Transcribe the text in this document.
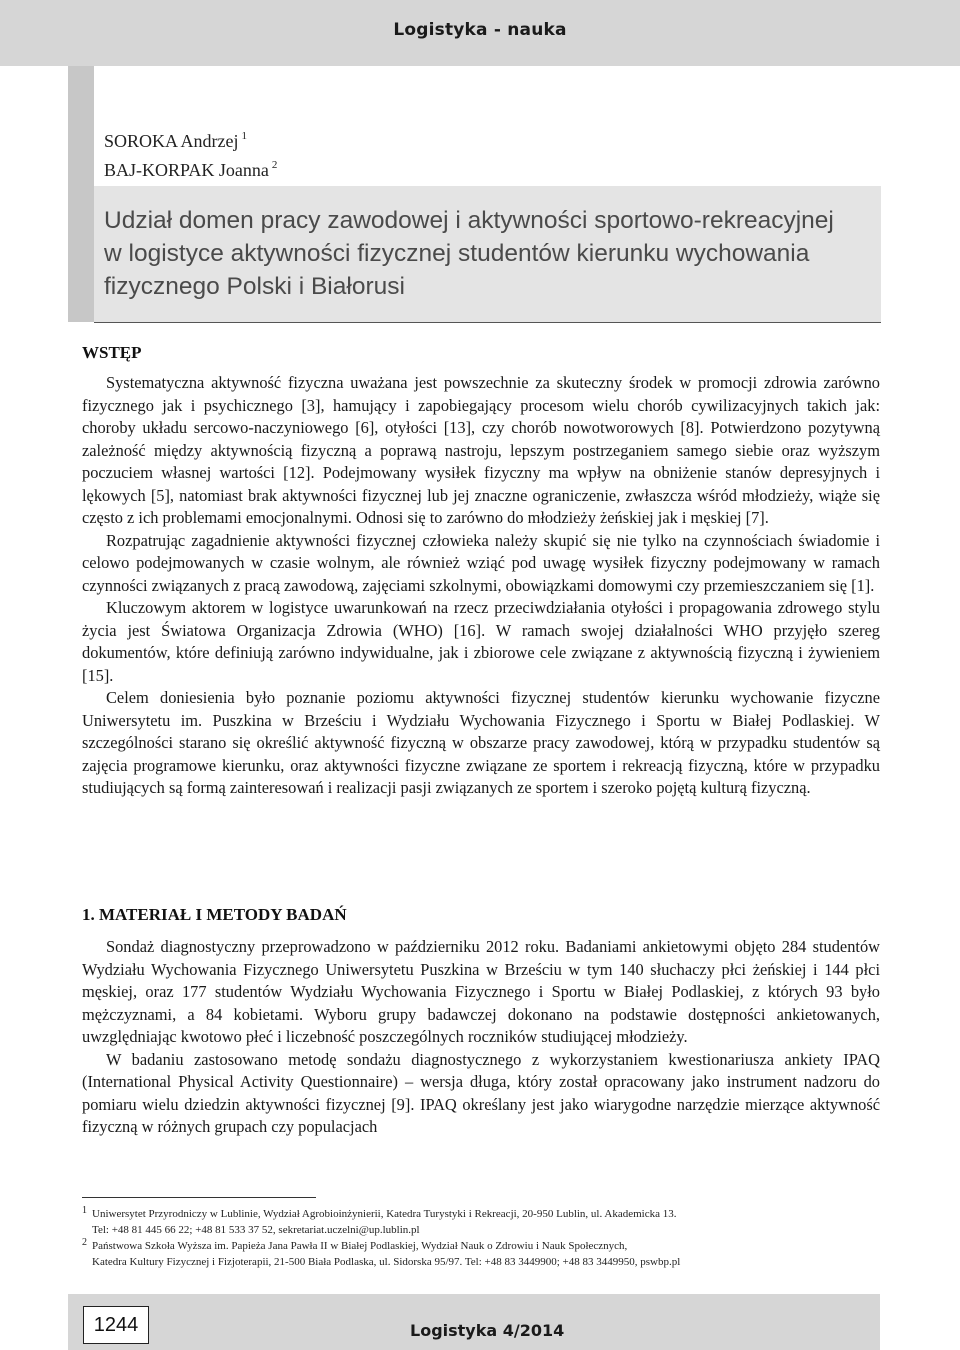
Logistyka - nauka
SOROKA Andrzej $^1$
BAJ-KORPAK Joanna $^2$
Udział domen pracy zawodowej i aktywności sportowo-rekreacyjnej
w logistyce aktywności fizycznej studentów kierunku wychowania
fizycznego Polski i Białorusi
WSTĘP

Systematyczna aktywność fizyczna uważana jest powszechnie za skuteczny środek w promocji zdrowia zarówno fizycznego jak i psychicznego [3], hamujący i zapobiegający procesom wielu chorób cywilizacyjnych takich jak: choroby układu sercowo-naczyniowego [6], otyłości [13], czy chorób nowotworowych [8]. Potwierdzono pozytywną zależność między aktywnością fizyczną a poprawą nastroju, lepszym postrzeganiem samego siebie oraz wyższym poczuciem własnej wartości [12]. Podejmowany wysiłek fizyczny ma wpływ na obniżenie stanów depresyjnych i lękowych [5], natomiast brak aktywności fizycznej lub jej znaczne ograniczenie, zwłaszcza wśród młodzieży, wiąże się często z ich problemami emocjonalnymi. Odnosi się to zarówno do młodzieży żeńskiej jak i męskiej [7].

Rozpatrując zagadnienie aktywności fizycznej człowieka należy skupić się nie tylko na czynnościach świadomie i celowo podejmowanych w czasie wolnym, ale również wziąć pod uwagę wysiłek fizyczny podejmowany w ramach czynności związanych z pracą zawodową, zajęciami szkolnymi, obowiązkami domowymi czy przemieszczaniem się [1].

Kluczowym aktorem w logistyce uwarunkowań na rzecz przeciwdziałania otyłości i propagowania zdrowego stylu życia jest Światowa Organizacja Zdrowia (WHO) [16]. W ramach swojej działalności WHO przyjęło szereg dokumentów, które definiują zarówno indywidualne, jak i zbiorowe cele związane z aktywnością fizyczną i żywieniem [15].

Celem doniesienia było poznanie poziomu aktywności fizycznej studentów kierunku wychowanie fizyczne Uniwersytetu im. Puszkina w Brześciu i Wydziału Wychowania Fizycznego i Sportu w Białej Podlaskiej. W szczególności starano się określić aktywność fizyczną w obszarze pracy zawodowej, którą w przypadku studentów są zajęcia programowe kierunku, oraz aktywności fizyczne związane ze sportem i rekreacją fizyczną, które w przypadku studiujących są formą zainteresowań i realizacji pasji związanych ze sportem i szeroko pojętą kulturą fizyczną.

1. MATERIAŁ I METODY BADAŃ

Sondaż diagnostyczny przeprowadzono w październiku 2012 roku. Badaniami ankietowymi objęto 284 studentów Wydziału Wychowania Fizycznego Uniwersytetu Puszkina w Brześciu w tym 140 słuchaczy płci żeńskiej i 144 płci męskiej, oraz 177 studentów Wydziału Wychowania Fizycznego i Sportu w Białej Podlaskiej, z których 93 było mężczyznami, a 84 kobietami. Wyboru grupy badawczej dokonano na podstawie dostępności ankietowanych, uwzględniając kwotowo płeć i liczebność poszczególnych roczników studiującej młodzieży.

W badaniu zastosowano metodę sondażu diagnostycznego z wykorzystaniem kwestionariusza ankiety IPAQ (International Physical Activity Questionnaire) – wersja długa, który został opracowany jako instrument nadzoru do pomiaru wielu dziedzin aktywności fizycznej [9]. IPAQ określany jest jako wiarygodne narzędzie mierzące aktywność fizyczną w różnych grupach czy populacjach

1 Uniwersytet Przyrodniczy w Lublinie, Wydział Agrobioinżynierii, Katedra Turystyki i Rekreacji, 20-950 Lublin, ul. Akademicka 13.
Tel: +48 81 445 66 22; +48 81 533 37 52, sekretariat.uczelni@up.lublin.pl
2 Państwowa Szkoła Wyższa im. Papieża Jana Pawła II w Białej Podlaskiej, Wydział Nauk o Zdrowiu i Nauk Społecznych,
Katedra Kultury Fizycznej i Fizjoterapii, 21-500 Biała Podlaska, ul. Sidorska 95/97. Tel: +48 83 3449900; +48 83 3449950, pswbp.pl
1244	Logistyka 4/2014
